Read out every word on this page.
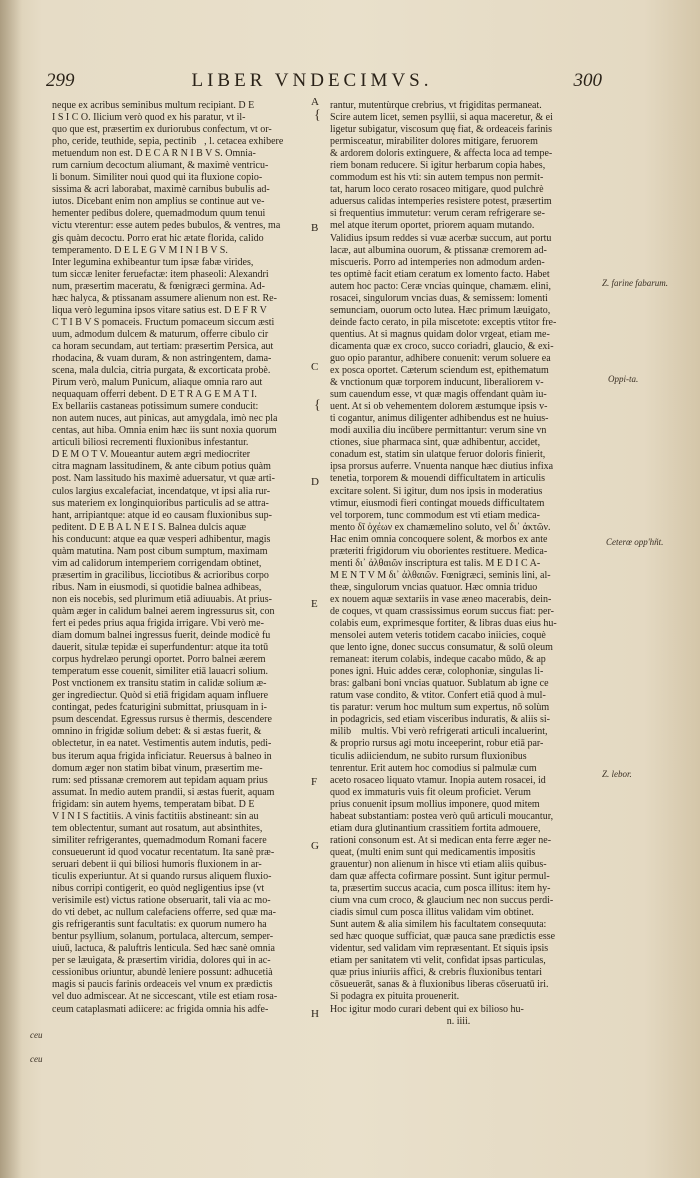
299	LIBER VNDECIMVS.	300
neque ex acribus seminibus multum recipiant. D E
I S I C O. Ilicium verò quod ex his paratur, vt il-
quo que est, præsertim ex duriorubus confectum, vt or-
pho, ceride, teuthide, sepia, pectinib᷑, l. cetacea exhibere
metuendum non est. D E C A R N I B V S. Omnia-
rum carnium decoctum aliumant, & maximè ventricu-
li bonum. Similiter nouì quod qui ita fluxione copio-
sissima & acri laborabat, maximè carnibus bubulis ad-
iutos. Dicebant enim non amplius se continue aut ve-
hementer pedibus dolere, quemadmodum quum tenui
victu vterentur: esse autem pedes bubulos, & ventres, ma
gis quàm decoctu. Porro erat hic ætate florida, calido
temperamento. D E L E G V M I N I B V S.
Inter legumina exhibeantur tum ipsæ fabæ virides,
tum siccæ leniter feruefactæ: item phaseoli: Alexandri
num, præsertim maceratu, & fœnigræci germina. Ad-
hæc halyca, & ptissanam assumere alienum non est. Re-
liqua verò legumina ipsos vitare satius est. D E F R V
C T I B V S pomaceis. Fructum pomaceum siccum æsti
uum, admodum dulcem & maturum, offerre cibulo cir
ca horam secundam, aut tertiam: præsertim Persica, aut
rhodacina, & vuam duram, & non astringentem, dama-
scena, mala dulcia, citria purgata, & excorticata probè.
Pirum verò, malum Punicum, aliaque omnia raro aut
nequaquam offerri debent. D E T R A G E M A T I.
Ex bellariis castaneas potissimum sumere conducit:
non autem nuces, aut pinicas, aut amygdala, imò nec pla
centas, aut hiba. Omnia enim hæc iis sunt noxia quorum
articuli biliosi recrementi fluxionibus infestantur.
D E M O T V. Moueantur autem ægri mediocriter
citra magnam lassitudinem, & ante cibum potius quàm
post. Nam lassitudo his maximè aduersatur, vt quæ arti-
culos largius excalefaciat, incendatque, vt ipsi alia rur-
sus materiem ex longinquioribus particulis ad se attra-
hant, arripiantque: atque id eo causam fluxionibus sup-
peditent. D E B A L N E I S. Balnea dulcis aquæ
his conducunt: atque ea quæ vesperi adhibentur, magis
quàm matutina. Nam post cibum sumptum, maximam
vim ad calidorum intemperiem corrigendam obtinet,
præsertim in gracilibus, licciotibus & acrioribus corpo
ribus. Nam in eiusmodi, si quotidie balnea adhibeas,
non eis nocebis, sed plurimum etiā adiuuabis. At prius-
quàm æger in calidum balnei aerem ingressurus sit, con
fert ei pedes prius aqua frigida irrigare. Vbi verò me-
diam domum balnei ingressus fuerit, deinde modicè fu
dauerit, situlæ tepidæ ei superfundentur: atque ita totū
corpus hydrelæo perungi oportet. Porro balnei æerem
temperatum esse couenit, similiter etiā lauacri solium.
Post vnctionem ex transitu statim in calidæ solium æ-
ger ingrediectur. Quòd si etiā frigidam aquam influere
contingat, pedes fcaturigini submittat, priusquam in i-
psum descendat. Egressus rursus è thermis, descendere
omnino in frigidæ solium debet: & si æstas fuerit, &
oblectetur, in ea natet. Vestimentis autem indutis, pedi-
bus iterum aqua frigida inficiatur. Reuersus à balneo in
domum æger non statim bibat vinum, præsertim me-
rum: sed ptissanæ cremorem aut tepidam aquam prius
assumat. In medio autem prandii, si æstas fuerit, aquam
frigidam: sin autem hyems, temperatam bibat. D E
V I N I S factitiis. A vinis factitiis abstineant: sin au
tem oblectentur, sumant aut rosatum, aut absinthites,
similiter refrigerantes, quemadmodum Romani facere
consueuerunt id quod vocatur recentatum. Ita sanè præ-
seruari debent ii qui biliosi humoris fluxionem in ar-
ticulis experiuntur. At si quando rursus aliquem fluxio-
nibus corripi contigerit, eo quòd negligentius ipse (vt
verisimile est) victus ratione obseruarit, tali via ac mo-
do vti debet, ac nullum calefaciens offerre, sed quæ ma-
gis refrigerantis sunt facultatis: ex quorum numero ha
bentur psyllium, solanum, portulaca, altercum, semper-
uiuū, lactuca, & paluftris lenticula. Sed hæc sanè omnia
per se læuigata, & præsertim viridia, dolores qui in ac-
cessionibus oriuntur, abundè leniere possunt: adhucetià
magis si paucis farinis ordeaceis vel vnum ex prædictis
vel duo admiscear. At ne siccescant, vtile est etiam rosa-
ceum cataplasmati adiicere: ac frigida omnia his adfe-
rantur, mutentùrque crebrius, vt frigiditas permaneat.
Scire autem licet, semen psyllii, si aqua maceretur, & ei
ligetur subigatur, viscosum quę fiat, & ordeaceis farinis
permisceatur, mirabiliter dolores mitigare, feruorem
& ardorem doloris extinguere, & affecta loca ad tempe-
riem bonam reducere. Si igitur herbarum copia habes,
commodum est his vti: sin autem tempus non permit-
tat, harum loco cerato rosaceo mitigare, quod pulchrè
aduersus calidas intemperies resistere potest, præsertim
si frequentius immutetur: verum ceram refrigerare se-
mel atque iterum oportet, priorem aquam mutando.
Validius ipsum reddes si vuæ acerbæ succum, aut portu
lacæ, aut albumina ouorum, & ptissanæ cremorem ad-
miscueris. Porro ad intemperies non admodum arden-
tes optimè facit etiam ceratum ex lomento facto. Habet
autem hoc pacto: Ceræ vncias quinque, chamæm. elini,
rosacei, singulorum vncias duas, & semissem: lomenti
semunciam, ouorum octo lutea. Hæc primum læuigato,
deinde facto cerato, in pila miscetote: exceptis vtitor fre-
quentius. At si magnus quidam dolor vrgeat, etiam me-
dicamenta quæ ex croco, succo coriadri, glaucio, & exi-
guo opio parantur, adhibere conuenit: verum soluere ea
ex posca oportet. Cæterum sciendum est, epithematum
& vnctionum quæ torporem inducunt, liberaliorem v-
sum cauendum esse, vt quæ magis offendant quàm iu-
uent. At si ob vehementem dolorem æstumque ipsis v-
ti cogantur, animus diligenter adhibendus est ne huius-
modi auxilia diu incūbere permittantur: verum sine vn
ctiones, siue pharmaca sint, quæ adhibentur, accidet,
conadum est, statim sin ulatque feruor doloris finierit,
ipsa prorsus auferre. Vnuenta nanque hæc diutius infixa
tenetia, torporem & mouendi difficultatem in articulis
excitare solent. Si igitur, dum nos ipsis in moderatius
vtimur, eiusmodi fieri contingat moueds difficultatem
vel torporem, tunc commodum est vti etiam medica-
mento δῑ ὀχέων ex chamæmelino soluto, vel δι᾿ ἀκτῶν.
Hac enim omnia concoquere solent, & morbos ex ante
præteriti frigidorum viu oborientes restituere. Medica-
menti δι᾿ ἀλθαιῶν inscriptura est talis. M E D I C A-
M E N T V M δι᾿ ἀλθαιῶν. Fœnigræci, seminis lini, al-
theæ, singulorum vncias quatuor. Hæc omnia triduo
ex nouem aquæ sextariis in vase æneo macerabis, dein-
de coques, vt quam crassissimus eorum succus fiat: per-
colabis eum, exprimesque fortiter, & libras duas eius hu-
mensolei autem veteris totidem cacabo iniicies, coquè
que lento igne, donec succus consumatur, & solū oleum
remaneat: iterum colabis, indeque cacabo mūdo, & ap
pones igni. Huic addes ceræ, colophoniæ, singulas li-
bras: galbani boni vncias quatuor. Sublatum ab igne ce
ratum vase condito, & vtitor. Confert etiā quod à mul-
tis paratur: verum hoc multum sum expertus, nō solùm
in podagricis, sed etiam visceribus induratis, & aliis si-
milib᷑ multis. Vbi verò refrigerati articuli incaluerint,
& proprio rursus agi motu inceeperint, robur etiā par-
ticulis adiiciendum, ne subito rursum fluxionibus
tenrentur. Erit autem hoc comodius si palmulæ cum
aceto rosaceo liquato vtamur. Inopia autem rosacei, id
quod ex immaturis vuis fit oleum proficiet. Verum
prius conuenit ipsum mollius imponere, quod mitem
habeat substantiam: postea verò quū articuli moucantur,
etiam dura glutinantium crassitiem fortita admouere,
rationi consonum est. At si medican enta ferre æger ne-
queat, (multi enim sunt qui medicamentis impositis
grauentur) non alienum in hisce vti etiam aliis quibus-
dam quæ affecta cofirmare possint. Sunt igitur permul-
ta, præsertim succus acacia, cum posca illitus: item hy-
cium vna cum croco, & glaucium nec non succus perdi-
ciadis simul cum posca illitus validam vim obtinet.
Sunt autem & alia similem his facultatem consequuta:
sed hæc quoque sufficiat, quæ pauca sane prædictis esse
videntur, sed validam vim repræsentant. Et siquis ipsis
etiam per sanitatem vti velit, confidat ipsas particulas,
quæ prius iniuriis affici, & crebris fluxionibus tentari
cōsueuerāt, sanas & à fluxionibus liberas cōseruatū iri.
Si podagra ex pituita prouenerit.
Hoc igitur modo curari debent qui ex bilioso hu-
n. iiii.
A
B
C
D
E
F
G
H
{
{
Z. farine fabarum.
Oppi-ta.
Ceterœ opp'hñt.
Z. lebor.
ceu
ceu
